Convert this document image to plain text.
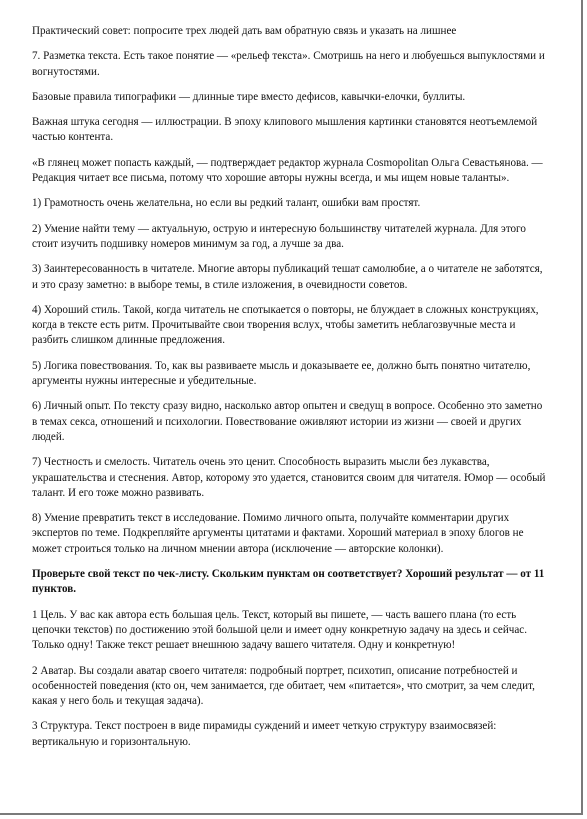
Практический совет: попросите трех людей дать вам обратную связь и указать на лишнее

7. Разметка текста. Есть такое понятие — «рельеф текста». Смотришь на него и любуешься выпуклостями и вогнутостями.

Базовые правила типографики — длинные тире вместо дефисов, кавычки-елочки, буллиты.

Важная штука сегодня — иллюстрации. В эпоху клипового мышления картинки становятся неотъемлемой частью контента.

«В глянец может попасть каждый, — подтверждает редактор журнала Cosmopolitan Ольга Севастьянова. — Редакция читает все письма, потому что хорошие авторы нужны всегда, и мы ищем новые таланты».

1) Грамотность очень желательна, но если вы редкий талант, ошибки вам простят.

2) Умение найти тему — актуальную, острую и интересную большинству читателей журнала. Для этого стоит изучить подшивку номеров минимум за год, а лучше за два.

3) Заинтересованность в читателе. Многие авторы публикаций тешат самолюбие, а о читателе не заботятся, и это сразу заметно: в выборе темы, в стиле изложения, в очевидности советов.

4) Хороший стиль. Такой, когда читатель не спотыкается о повторы, не блуждает в сложных конструкциях, когда в тексте есть ритм. Прочитывайте свои творения вслух, чтобы заметить неблагозвучные места и разбить слишком длинные предложения.

5) Логика повествования. То, как вы развиваете мысль и доказываете ее, должно быть понятно читателю, аргументы нужны интересные и убедительные.

6) Личный опыт. По тексту сразу видно, насколько автор опытен и сведущ в вопросе. Особенно это заметно в темах секса, отношений и психологии. Повествование оживляют истории из жизни — своей и других людей.

7) Честность и смелость. Читатель очень это ценит. Способность выразить мысли без лукавства, украшательства и стеснения. Автор, которому это удается, становится своим для читателя. Юмор — особый талант. И его тоже можно развивать.

8) Умение превратить текст в исследование. Помимо личного опыта, получайте комментарии других экспертов по теме. Подкрепляйте аргументы цитатами и фактами. Хороший материал в эпоху блогов не может строиться только на личном мнении автора (исключение — авторские колонки).

Проверьте свой текст по чек-листу. Скольким пунктам он соответствует? Хороший результат — от 11 пунктов.

1 Цель. У вас как автора есть большая цель. Текст, который вы пишете, — часть вашего плана (то есть цепочки текстов) по достижению этой большой цели и имеет одну конкретную задачу на здесь и сейчас. Только одну! Также текст решает внешнюю задачу вашего читателя. Одну и конкретную!

2 Аватар. Вы создали аватар своего читателя: подробный портрет, психотип, описание потребностей и особенностей поведения (кто он, чем занимается, где обитает, чем «питается», что смотрит, за чем следит, какая у него боль и текущая задача).

3 Структура. Текст построен в виде пирамиды суждений и имеет четкую структуру взаимосвязей: вертикальную и горизонтальную.
